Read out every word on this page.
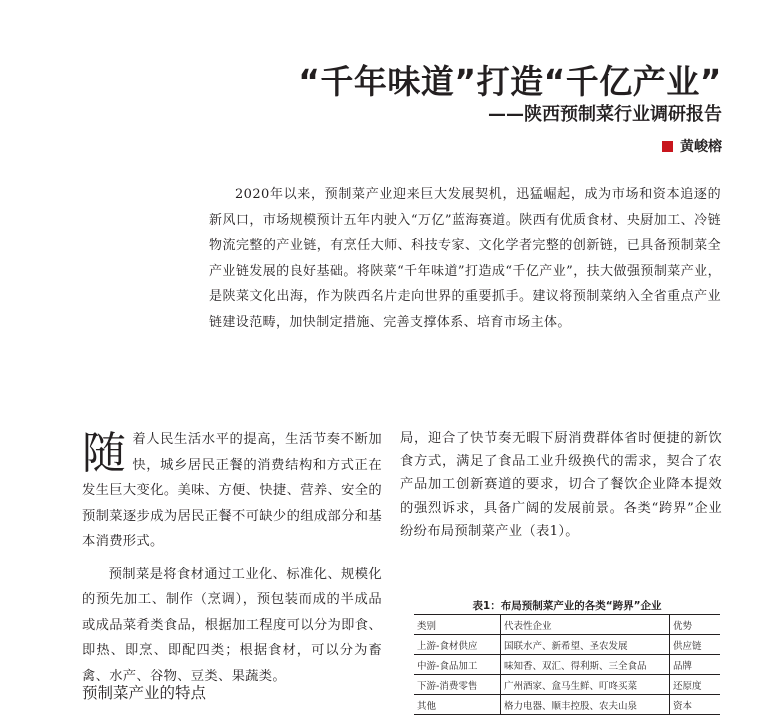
“千年味道”打造“千亿产业”
——陕西预制菜行业调研报告
黄峻榕

2020年以来，预制菜产业迎来巨大发展契机，迅猛崛起，成为市场和资本追逐的新风口，市场规模预计五年内驶入“万亿”蓝海赛道。陕西有优质食材、央厨加工、冷链物流完整的产业链，有烹任大师、科技专家、文化学者完整的创新链，已具备预制菜全产业链发展的良好基础。将陕菜“千年味道”打造成“千亿产业”，扶大做强预制菜产业，是陕菜文化出海，作为陕西名片走向世界的重要抓手。建议将预制菜纳入全省重点产业链建设范畴，加快制定措施、完善支撑体系、培育市场主体。

随着人民生活水平的提高，生活节奏不断加快，城乡居民正餐的消费结构和方式正在发生巨大变化。美味、方便、快捷、营养、安全的预制菜逐步成为居民正餐不可缺少的组成部分和基本消费形式。

预制菜是将食材通过工业化、标准化、规模化的预先加工、制作（烹调），预包装而成的半成品或成品菜肴类食品，根据加工程度可以分为即食、即热、即烹、即配四类；根据食材，可以分为畜禽、水产、谷物、豆类、果蔬类。

预制菜产业的特点

局，迎合了快节奏无暇下厨消费群体省时便捷的新饮食方式，满足了食品工业升级换代的需求，契合了农产品加工创新赛道的要求，切合了餐饮企业降本提效的强烈诉求，具备广阔的发展前景。各类“跨界”企业纷纷布局预制菜产业（表1）。

表1：布局预制菜产业的各类“跨界”企业
类别	代表性企业	优势
上游-食材供应	国联水产、新希望、圣农发展	供应链
中游-食品加工	味知香、双汇、得利斯、三全食品	品牌
下游-消费零售	广州酒家、盒马生鲜、叮咚买菜	还原度
其他	格力电器、顺丰控股、农夫山泉	资本
